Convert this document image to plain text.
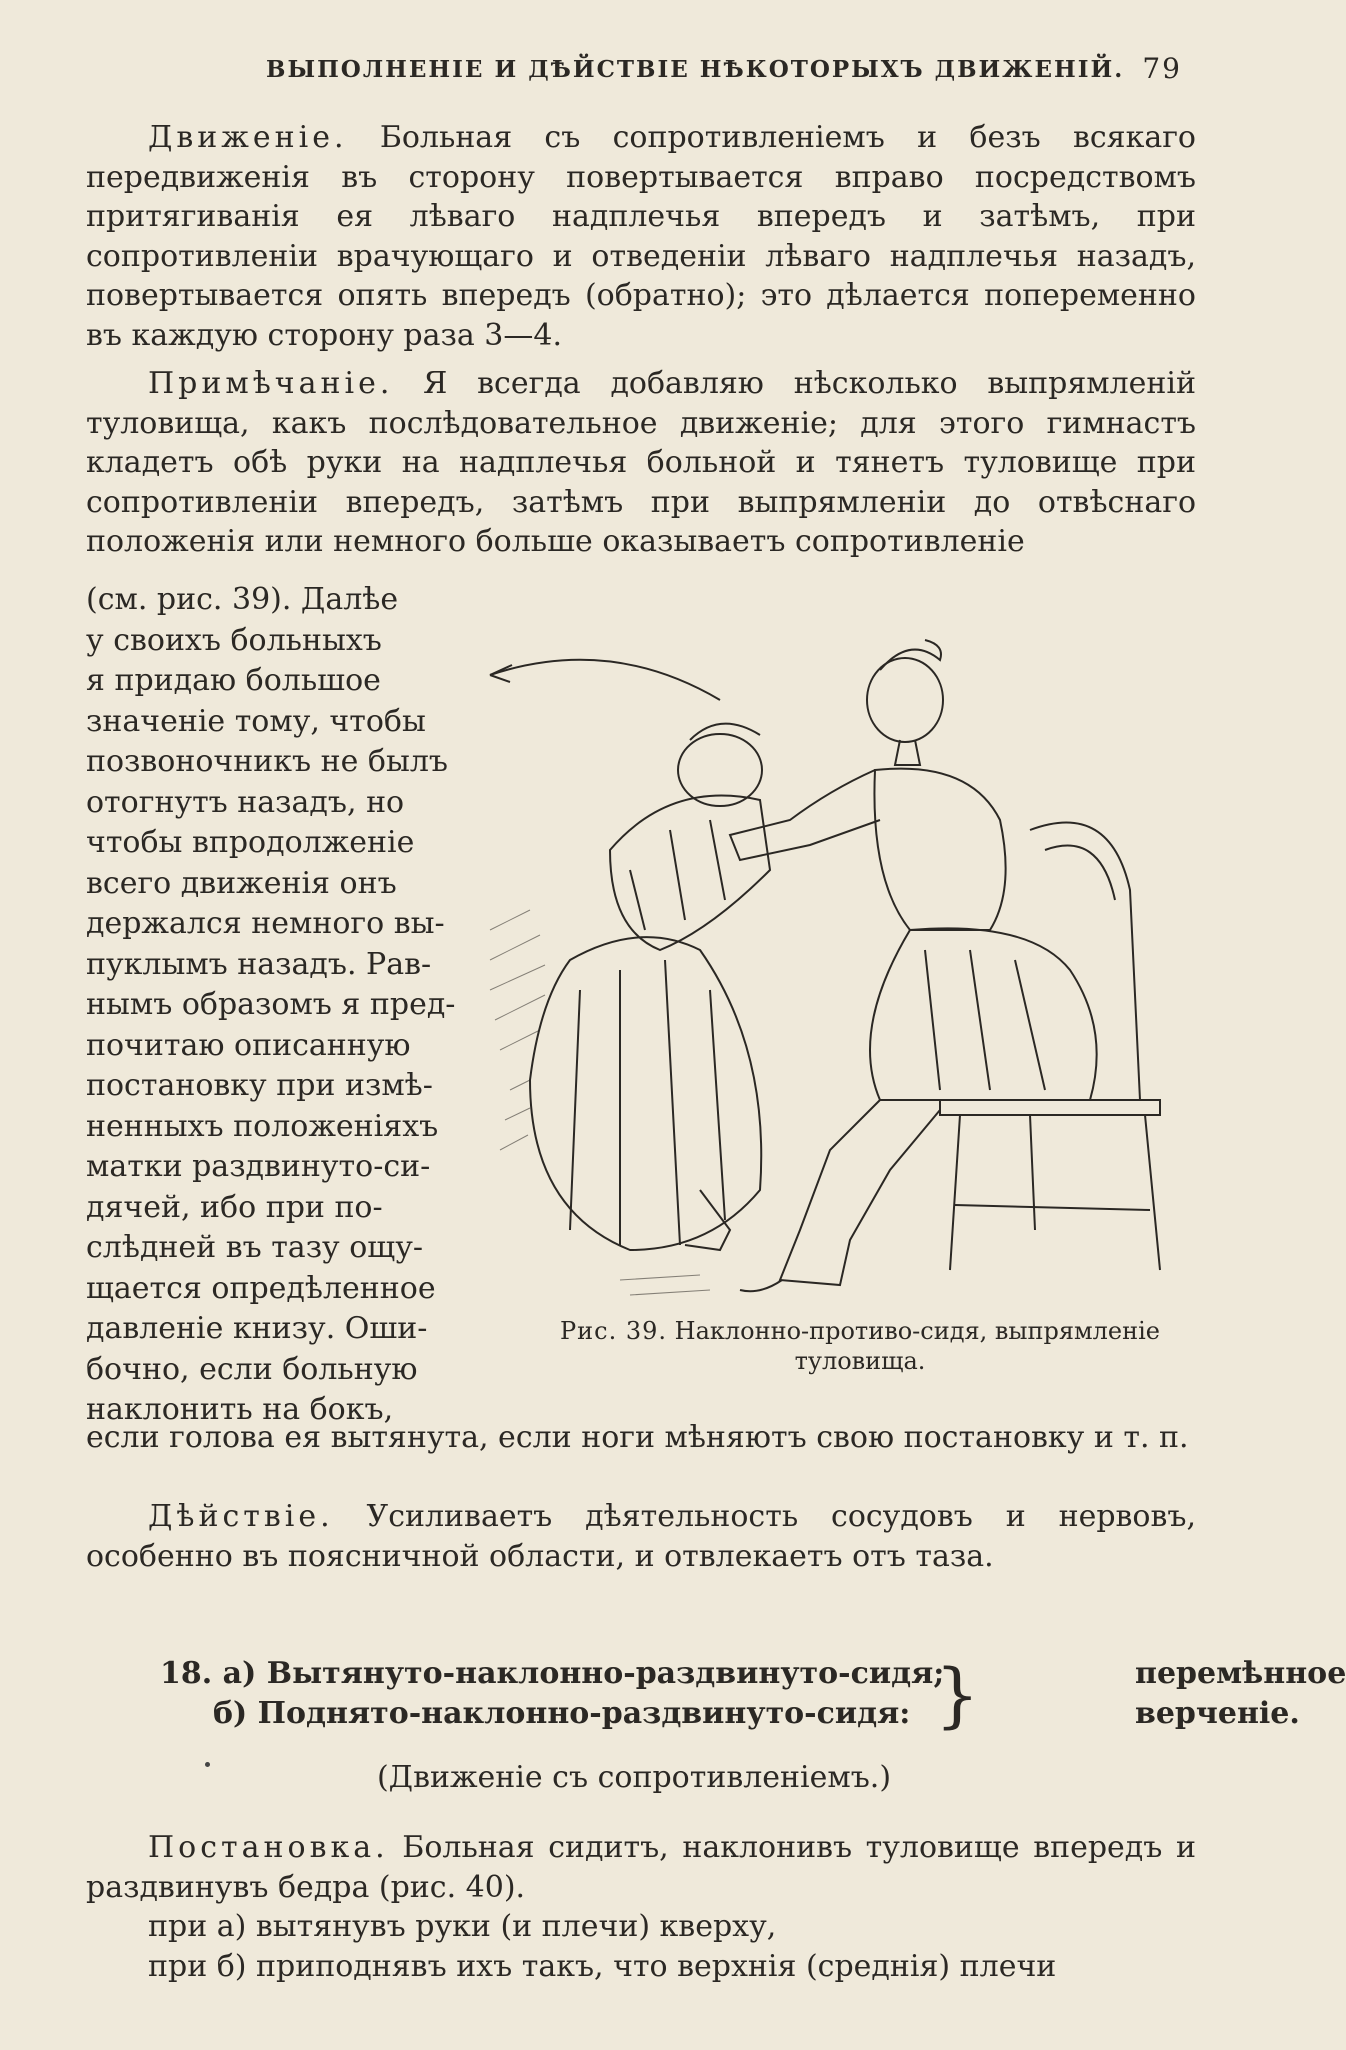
ВЫПОЛНЕНІЕ И ДѢЙСТВІЕ НѢКОТОРЫХЪ ДВИЖЕНІЙ. 79

Движеніе. Больная съ сопротивленіемъ и безъ всякаго передвиженія въ сторону повертывается вправо посредствомъ притягиванія ея лѣваго надплечья впередъ и затѣмъ, при сопротивленіи врачующаго и отведеніи лѣваго надплечья назадъ, повертывается опять впередъ (обратно); это дѣлается попеременно въ каждую сторону раза 3—4.

Примѣчаніе. Я всегда добавляю нѣсколько выпрямленій туловища, какъ послѣдовательное движеніе; для этого гимнастъ кладетъ обѣ руки на надплечья больной и тянетъ туловище при сопротивленіи впередъ, затѣмъ при выпрямленіи до отвѣснаго положенія или немного больше оказываетъ сопротивленіе

(см. рис. 39). Далѣе
у своихъ больныхъ
я придаю большое
значеніе тому, чтобы
позвоночникъ не былъ
отогнутъ назадъ, но
чтобы впродолженіе
всего движенія онъ
держался немного вы-
пуклымъ назадъ. Рав-
нымъ образомъ я пред-
почитаю описанную
постановку при измѣ-
ненныхъ положеніяхъ
матки раздвинуто-си-
дячей, ибо при по-
слѣдней въ тазу ощу-
щается опредѣленное
давленіе книзу. Оши-
бочно, если больную
наклонить на бокъ,
Рис. 39. Наклонно-противо-сидя, выпрямленіе туловища.

если голова ея вытянута, если ноги мѣняютъ свою постановку и т. п.

Дѣйствіе. Усиливаетъ дѣятельность сосудовъ и нервовъ, особенно въ поясничной области, и отвлекаетъ отъ таза.

18. а) Вытянуто-наклонно-раздвинуто-сидя;
б) Поднято-наклонно-раздвинуто-сидя:
перемѣнное
верченіе.
}
(Движеніе съ сопротивленіемъ.)

Постановка. Больная сидитъ, наклонивъ туловище впередъ и раздвинувъ бедра (рис. 40).

при а) вытянувъ руки (и плечи) кверху,

при б) приподнявъ ихъ такъ, что верхнія (среднія) плечи
